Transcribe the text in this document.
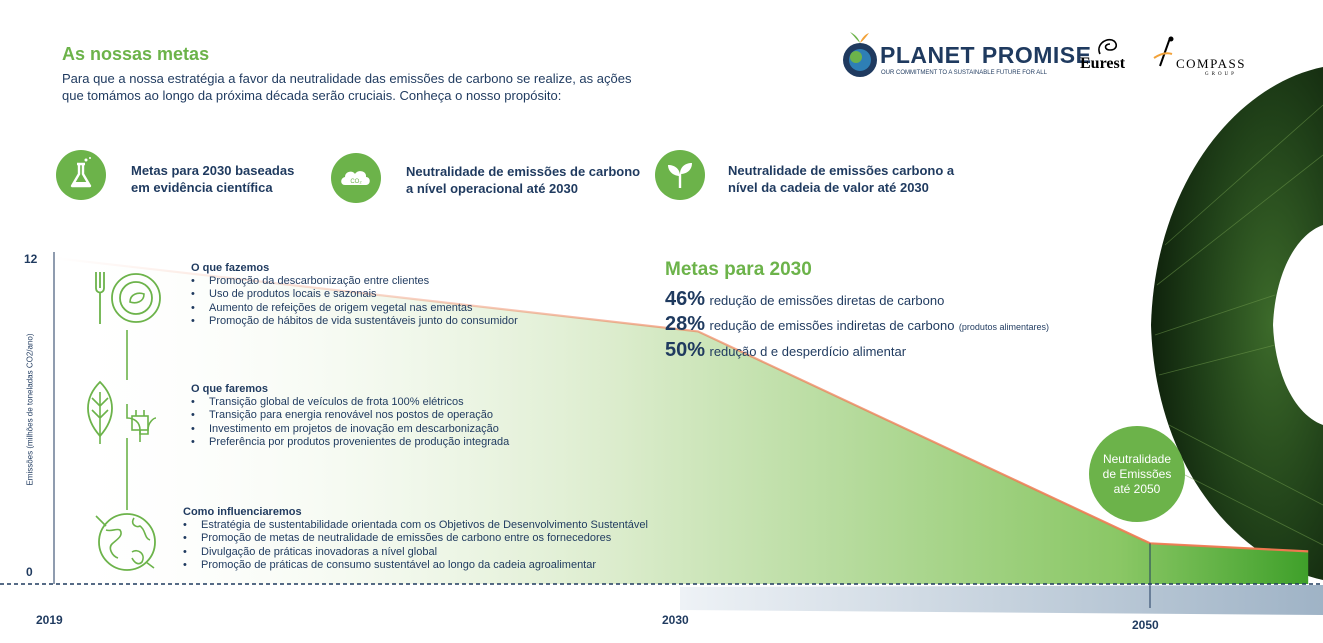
As nossas metas
Para que a nossa estratégia a favor da neutralidade das emissões de carbono se realize, as ações que tomámos ao longo da próxima década serão cruciais. Conheça o nosso propósito:
PLANET PROMISE
OUR COMMITMENT TO A SUSTAINABLE FUTURE FOR ALL
Eurest	COMPASS
GROUP
Metas para 2030 baseadas em evidência científica	CO₂
Neutralidade de emissões de carbono a nível operacional até 2030
Neutralidade de emissões carbono a nível da cadeia de valor até 2030
O que fazemos
• Promoção da descarbonização entre clientes
• Uso de produtos locais e sazonais
• Aumento de refeições de origem vegetal nas ementas
• Promoção de hábitos de vida sustentáveis junto do consumidor
O que faremos
• Transição global de veículos de frota 100% elétricos
• Transição para energia renovável nos postos de operação
• Investimento em projetos de inovação em descarbonização
• Preferência por produtos provenientes de produção integrada
Como influenciaremos
• Estratégia de sustentabilidade orientada com os Objetivos de Desenvolvimento Sustentável
• Promoção de metas de neutralidade de emissões de carbono entre os fornecedores
• Divulgação de práticas inovadoras a nível global
• Promoção de práticas de consumo sustentável ao longo da cadeia agroalimentar
Metas para 2030
46% redução de emissões diretas de carbono
28% redução de emissões indiretas de carbono (produtos alimentares)
50% redução d e desperdício alimentar
Neutralidade de Emissões até 2050
12
0
Emissões (milhões de toneladas CO2/ano)
2019	2030	2050
